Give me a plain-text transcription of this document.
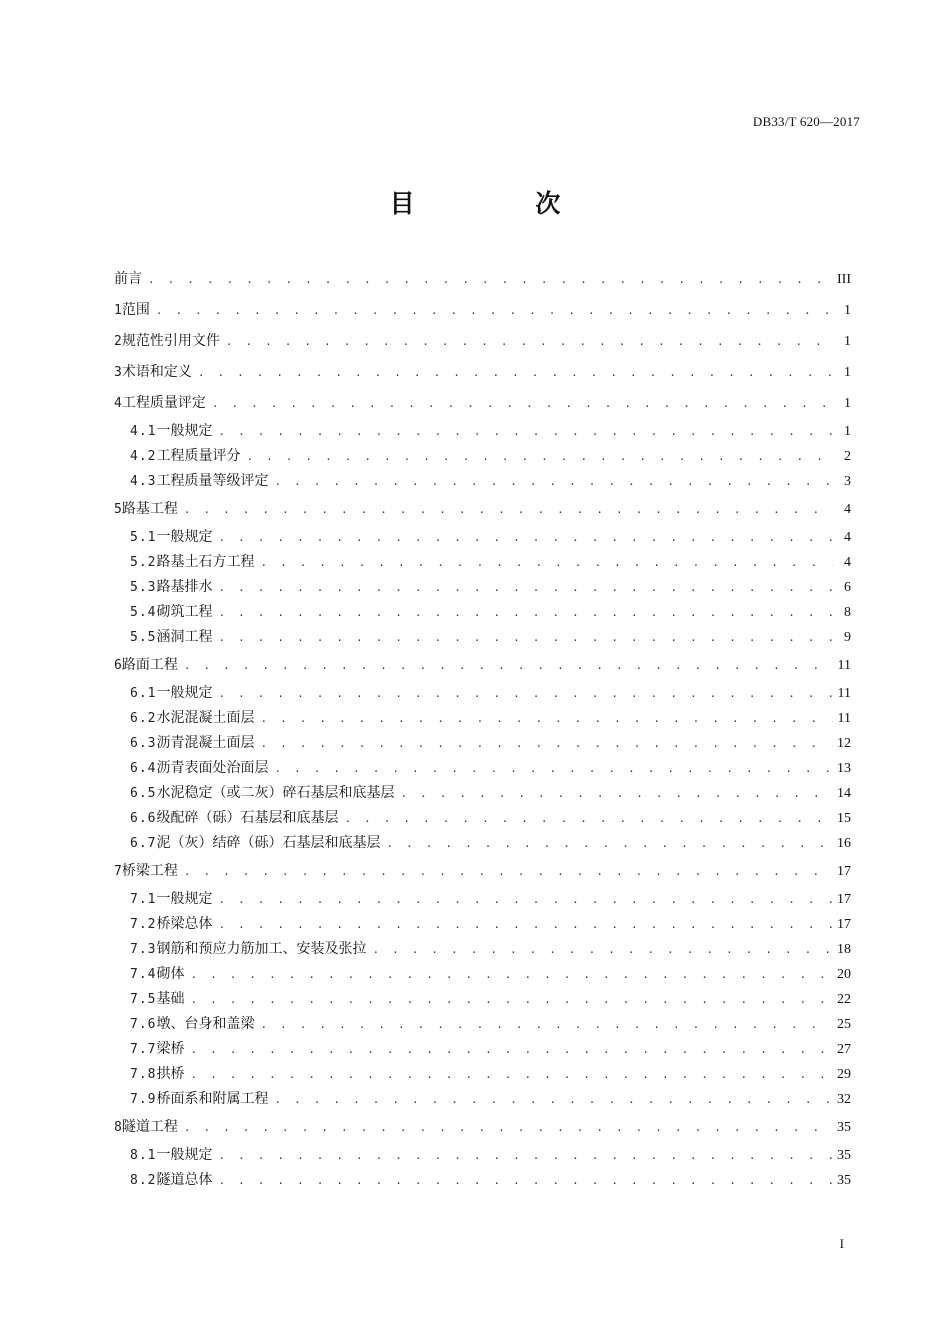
DB33/T 620—2017
目 次
前言 . . .	III
1 范围 . . .	1
2 规范性引用文件 . . .	1
3 术语和定义 . . .	1
4 工程质量评定 . . .	1
4.1 一般规定 . . .	1
4.2 工程质量评分 . . .	2
4.3 工程质量等级评定 . . .	3
5 路基工程 . . .	4
5.1 一般规定 . . .	4
5.2 路基土石方工程 . . .	4
5.3 路基排水 . . .	6
5.4 砌筑工程 . . .	8
5.5 涵洞工程 . . .	9
6 路面工程 . . .	11
6.1 一般规定 . . .	11
6.2 水泥混凝土面层 . . .	11
6.3 沥青混凝土面层 . . .	12
6.4 沥青表面处治面层 . . .	13
6.5 水泥稳定（或二灰）碎石基层和底基层 . . .	14
6.6 级配碎（砾）石基层和底基层 . . .	15
6.7 泥（灰）结碎（砾）石基层和底基层 . . .	16
7 桥梁工程 . . .	17
7.1 一般规定 . . .	17
7.2 桥梁总体 . . .	17
7.3 钢筋和预应力筋加工、安装及张拉 . . .	18
7.4 砌体 . . .	20
7.5 基础 . . .	22
7.6 墩、台身和盖梁 . . .	25
7.7 梁桥 . . .	27
7.8 拱桥 . . .	29
7.9 桥面系和附属工程 . . .	32
8 隧道工程 . . .	35
8.1 一般规定 . . .	35
8.2 隧道总体 . . .	35
I
